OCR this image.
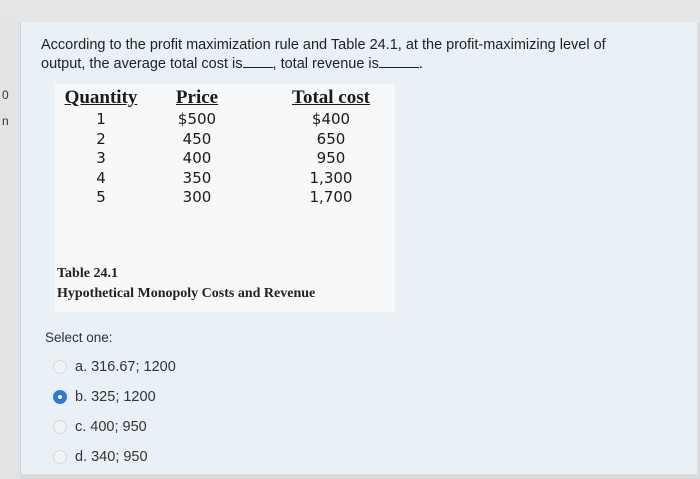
0
n
According to the profit maximization rule and Table 24.1, at the profit-maximizing level of
output, the average total cost is , total revenue is	.
Quantity
1
2
3
4
5
Price
$500
450
400
350
300
Total cost
$400
650
950
1,300
1,700
Table 24.1
Hypothetical Monopoly Costs and Revenue
Select one:
a. 316.67; 1200
b. 325; 1200
c. 400; 950
d. 340; 950
